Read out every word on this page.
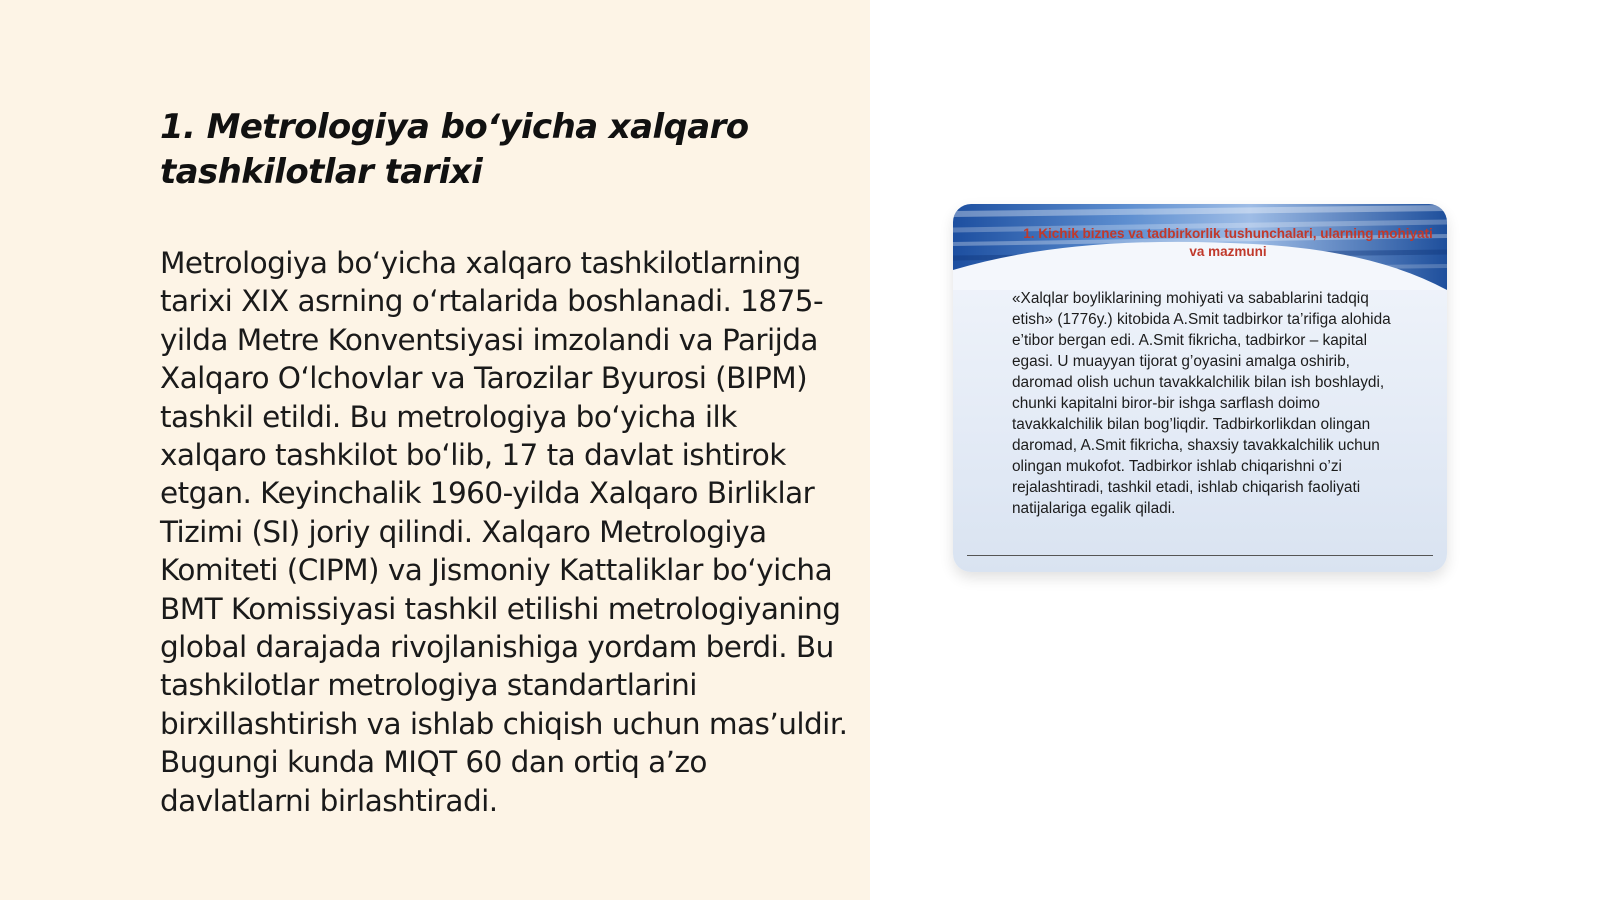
1. Metrologiya bo‘yicha xalqaro tashkilotlar tarixi

Metrologiya bo‘yicha xalqaro tashkilotlarning tarixi XIX asrning o‘rtalarida boshlanadi. 1875-yilda Metre Konventsiyasi imzolandi va Parijda Xalqaro O‘lchovlar va Tarozilar Byurosi (BIPM) tashkil etildi. Bu metrologiya bo‘yicha ilk xalqaro tashkilot bo‘lib, 17 ta davlat ishtirok etgan. Keyinchalik 1960-yilda Xalqaro Birliklar Tizimi (SI) joriy qilindi. Xalqaro Metrologiya Komiteti (CIPM) va Jismoniy Kattaliklar bo‘yicha BMT Komissiyasi tashkil etilishi metrologiyaning global darajada rivojlanishiga yordam berdi. Bu tashkilotlar metrologiya standartlarini birxillashtirish va ishlab chiqish uchun mas’uldir. Bugungi kunda MIQT 60 dan ortiq a’zo davlatlarni birlashtiradi.

1. Kichik biznes va tadbirkorlik tushunchalari, ularning mohiyati va mazmuni
«Xalqlar boyliklarining mohiyati va sabablarini tadqiq etish» (1776y.) kitobida A.Smit tadbirkor ta’rifiga alohida e’tibor bergan edi. A.Smit fikricha, tadbirkor – kapital egasi. U muayyan tijorat g’oyasini amalga oshirib, daromad olish uchun tavakkalchilik bilan ish boshlaydi, chunki kapitalni biror-bir ishga sarflash doimo tavakkalchilik bilan bog’liqdir. Tadbirkorlikdan olingan daromad, A.Smit fikricha, shaxsiy tavakkalchilik uchun olingan mukofot. Tadbirkor ishlab chiqarishni o’zi rejalashtiradi, tashkil etadi, ishlab chiqarish faoliyati natijalariga egalik qiladi.
